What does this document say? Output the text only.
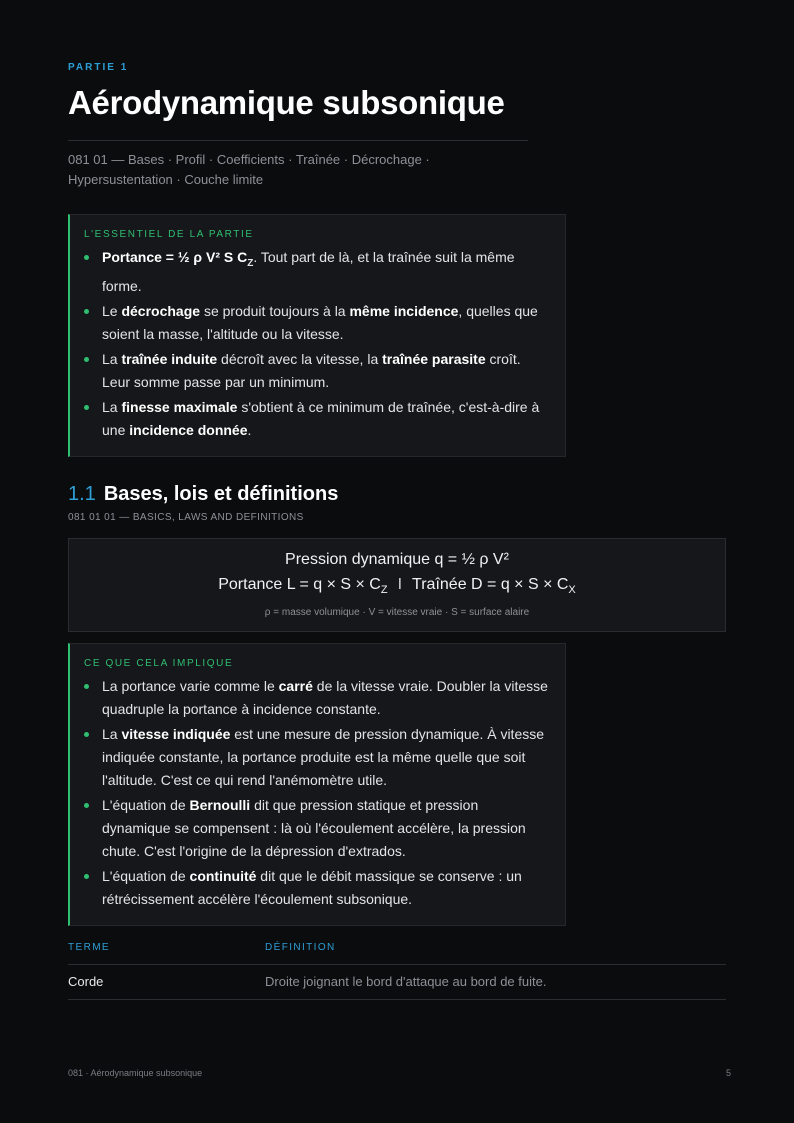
PARTIE 1
Aérodynamique subsonique
081 01 — Bases · Profil · Coefficients · Traînée · Décrochage · Hypersustentation · Couche limite
L'ESSENTIEL DE LA PARTIE
Portance = ½ ρ V² S $C_Z$. Tout part de là, et la traînée suit la même forme.
Le décrochage se produit toujours à la même incidence, quelles que soient la masse, l'altitude ou la vitesse.
La traînée induite décroît avec la vitesse, la traînée parasite croît. Leur somme passe par un minimum.
La finesse maximale s'obtient à ce minimum de traînée, c'est-à-dire à une incidence donnée.
1.1 Bases, lois et définitions
081 01 01 — BASICS, LAWS AND DEFINITIONS
Pression dynamique q = ½ ρ V²
Portance $L = q \times S \times C_Z$ I Traînée $D = q \times S \times C_X$
ρ = masse volumique · V = vitesse vraie · S = surface alaire
CE QUE CELA IMPLIQUE
La portance varie comme le carré de la vitesse vraie. Doubler la vitesse quadruple la portance à incidence constante.
La vitesse indiquée est une mesure de pression dynamique. À vitesse indiquée constante, la portance produite est la même quelle que soit l'altitude. C'est ce qui rend l'anémomètre utile.
L'équation de Bernoulli dit que pression statique et pression dynamique se compensent : là où l'écoulement accélère, la pression chute. C'est l'origine de la dépression d'extrados.
L'équation de continuité dit que le débit massique se conserve : un rétrécissement accélère l'écoulement subsonique.
TERME	DÉFINITION
Corde	Droite joignant le bord d'attaque au bord de fuite.
081 · Aérodynamique subsonique	5
